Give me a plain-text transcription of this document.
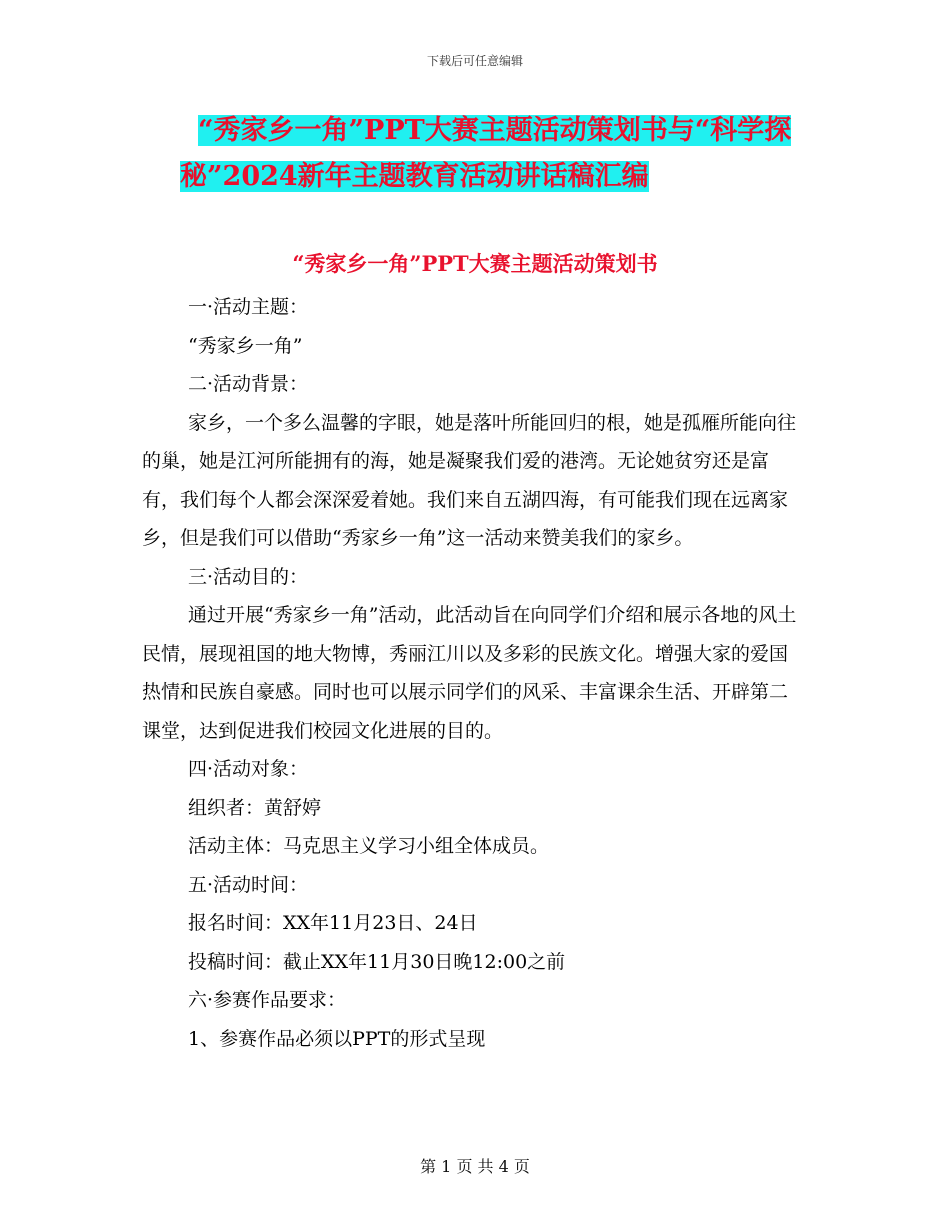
下载后可任意编辑
“秀家乡一角”PPT大赛主题活动策划书与“科学探
秘”2024新年主题教育活动讲话稿汇编
“秀家乡一角”PPT大赛主题活动策划书

一·活动主题：

“秀家乡一角”

二·活动背景：

家乡，一个多么温馨的字眼，她是落叶所能回归的根，她是孤雁所能向往的巢，她是江河所能拥有的海，她是凝聚我们爱的港湾。无论她贫穷还是富有，我们每个人都会深深爱着她。我们来自五湖四海，有可能我们现在远离家乡，但是我们可以借助“秀家乡一角”这一活动来赞美我们的家乡。

三·活动目的：

通过开展“秀家乡一角”活动，此活动旨在向同学们介绍和展示各地的风土民情，展现祖国的地大物博，秀丽江川以及多彩的民族文化。增强大家的爱国热情和民族自豪感。同时也可以展示同学们的风采、丰富课余生活、开辟第二课堂，达到促进我们校园文化进展的目的。

四·活动对象：

组织者：黄舒婷

活动主体：马克思主义学习小组全体成员。

五·活动时间：

报名时间：XX年11月23日、24日

投稿时间：截止XX年11月30日晚12:00之前

六·参赛作品要求：

1、参赛作品必须以PPT的形式呈现

第 1 页 共 4 页
